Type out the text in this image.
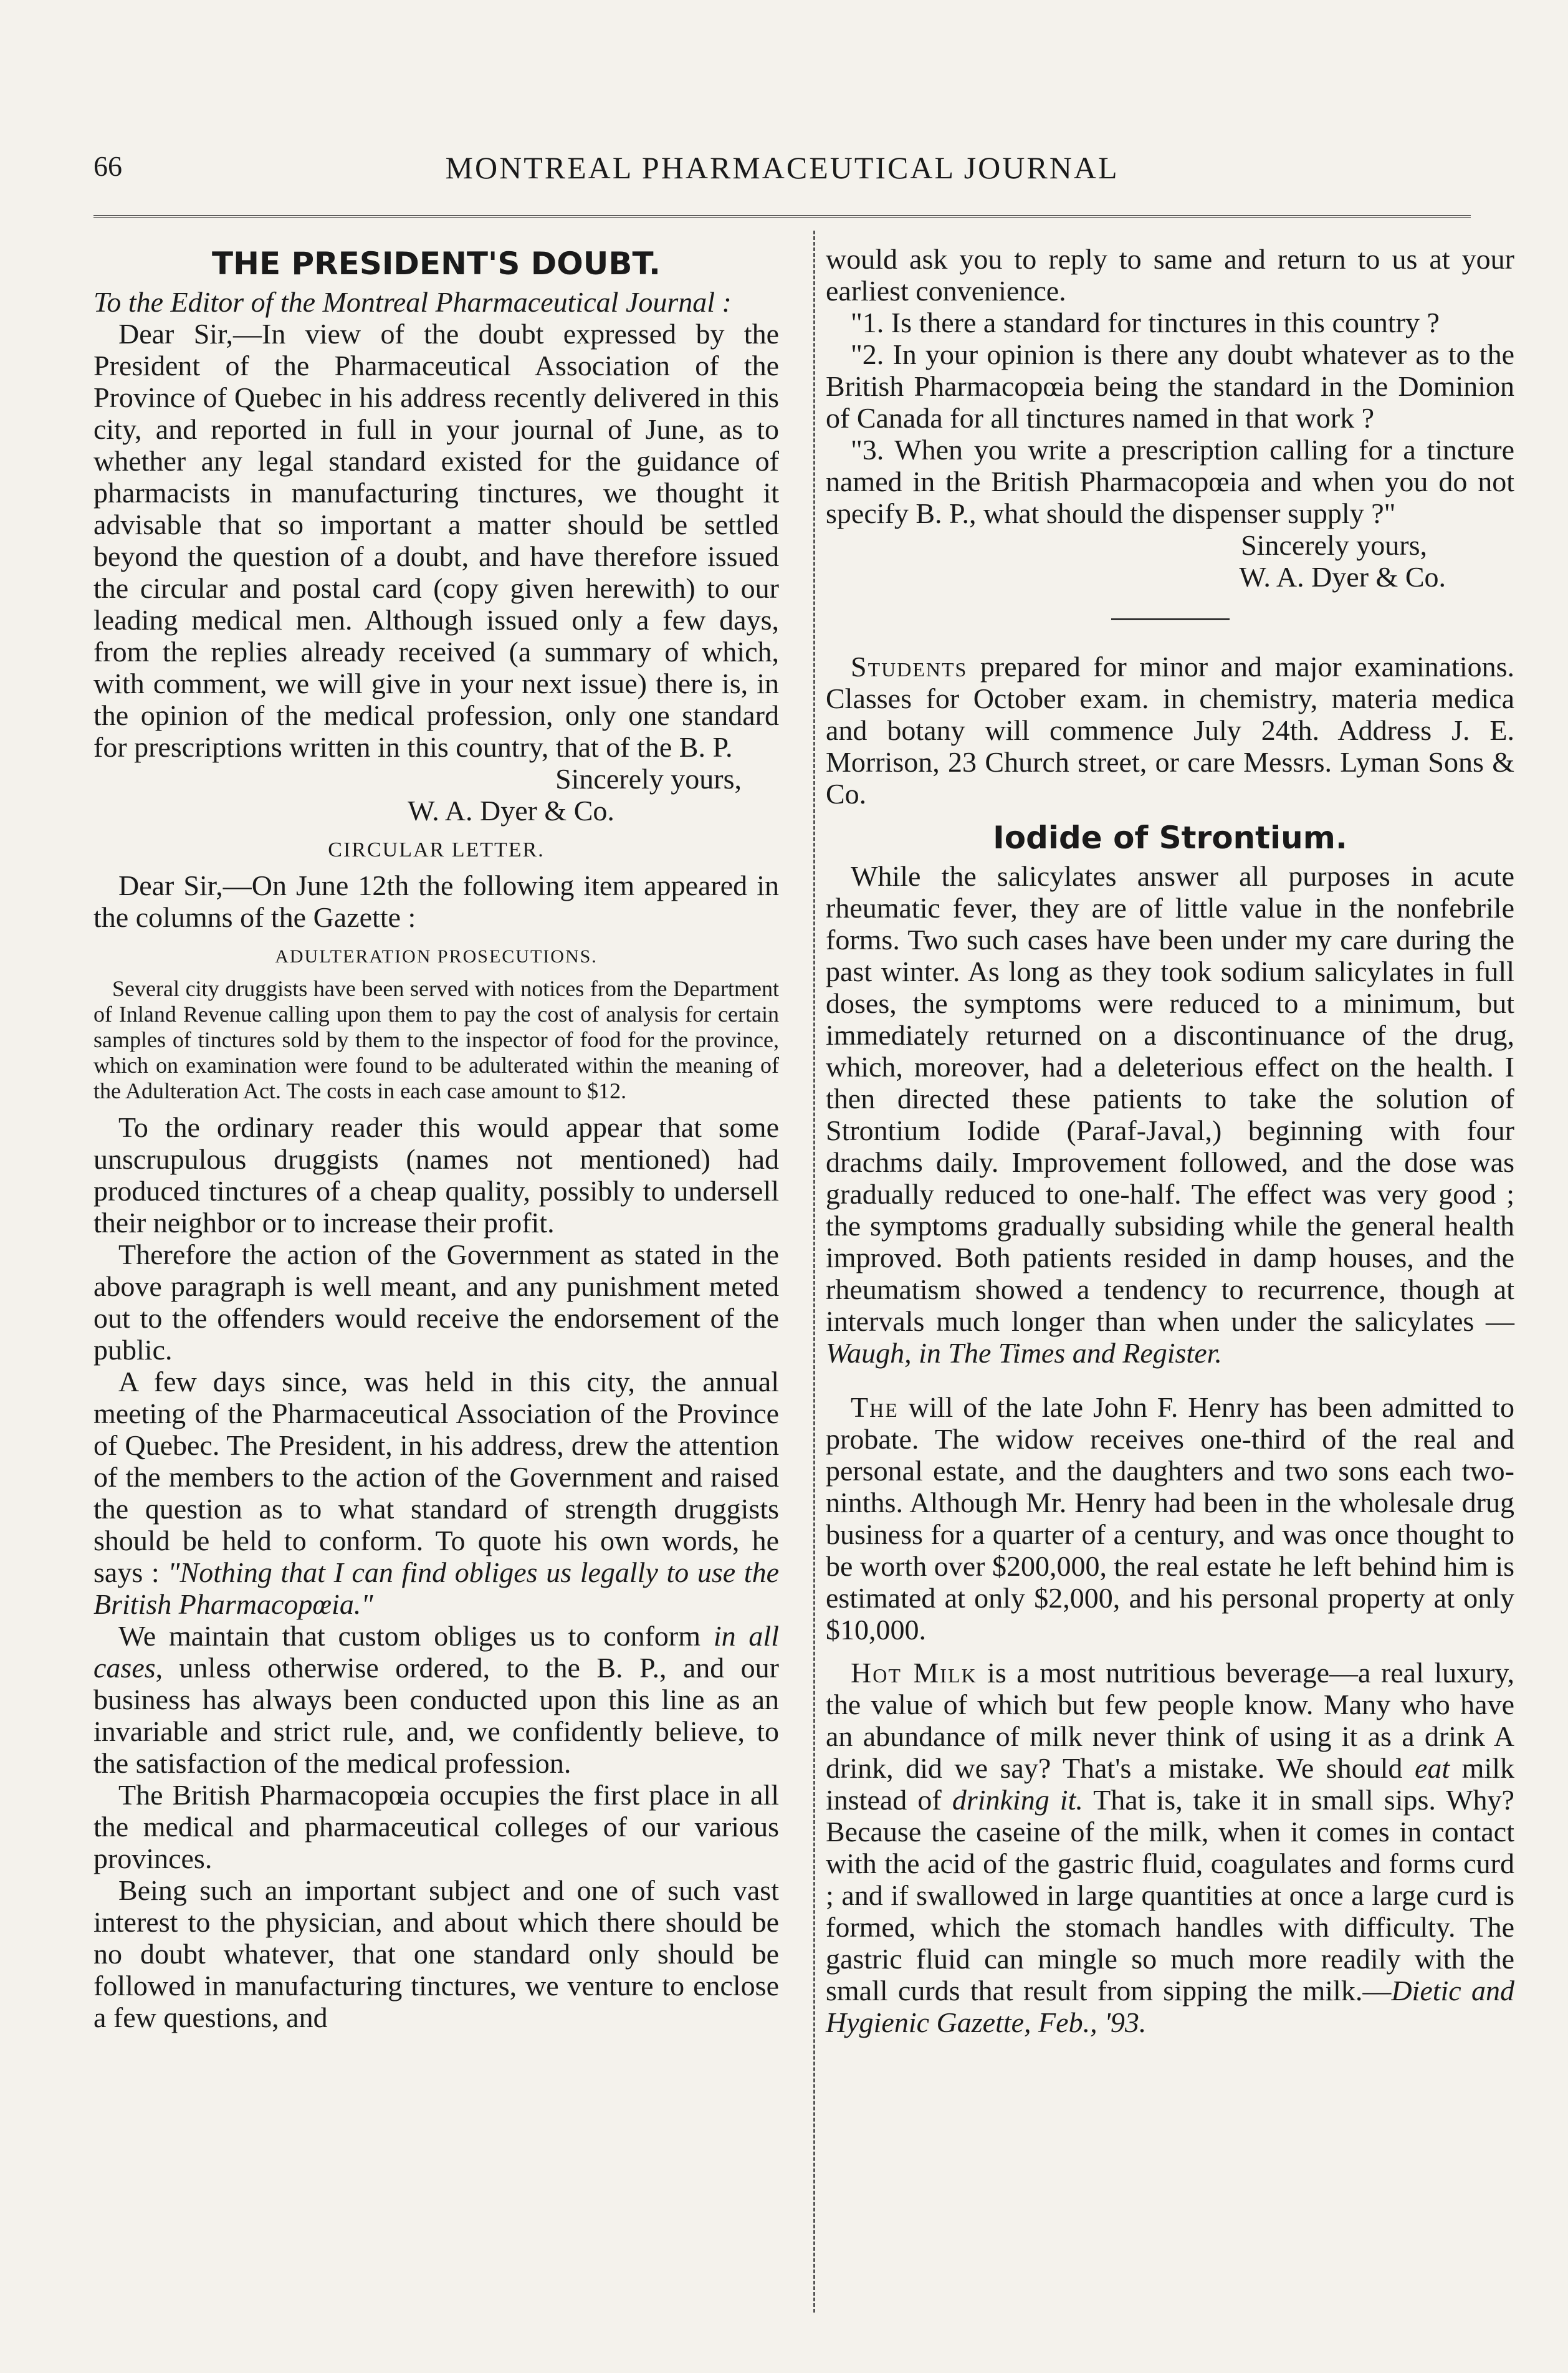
66	MONTREAL PHARMACEUTICAL JOURNAL
THE PRESIDENT'S DOUBT.

To the Editor of the Montreal Pharmaceutical Journal :

Dear Sir,—In view of the doubt expressed by the President of the Pharmaceutical Association of the Province of Quebec in his address recently delivered in this city, and reported in full in your journal of June, as to whether any legal standard existed for the guidance of pharmacists in manufacturing tinctures, we thought it advisable that so important a matter should be settled beyond the question of a doubt, and have therefore issued the circular and postal card (copy given herewith) to our leading medical men. Although issued only a few days, from the replies already received (a summary of which, with comment, we will give in your next issue) there is, in the opinion of the medical profession, only one standard for prescriptions written in this country, that of the B. P.

Sincerely yours,
W. A. Dyer & Co.
CIRCULAR LETTER.

Dear Sir,—On June 12th the following item appeared in the columns of the Gazette :

ADULTERATION PROSECUTIONS.

Several city druggists have been served with notices from the Department of Inland Revenue calling upon them to pay the cost of analysis for certain samples of tinctures sold by them to the inspector of food for the province, which on examination were found to be adulterated within the meaning of the Adulteration Act. The costs in each case amount to $12.

To the ordinary reader this would appear that some unscrupulous druggists (names not mentioned) had produced tinctures of a cheap quality, possibly to undersell their neighbor or to increase their profit.

Therefore the action of the Government as stated in the above paragraph is well meant, and any punishment meted out to the offenders would receive the endorsement of the public.

A few days since, was held in this city, the annual meeting of the Pharmaceutical Association of the Province of Quebec. The President, in his address, drew the attention of the members to the action of the Government and raised the question as to what standard of strength druggists should be held to conform. To quote his own words, he says : "Nothing that I can find obliges us legally to use the British Pharmacopœia."

We maintain that custom obliges us to conform in all cases, unless otherwise ordered, to the B. P., and our business has always been conducted upon this line as an invariable and strict rule, and, we confidently believe, to the satisfaction of the medical profession.

The British Pharmacopœia occupies the first place in all the medical and pharmaceutical colleges of our various provinces.

Being such an important subject and one of such vast interest to the physician, and about which there should be no doubt whatever, that one standard only should be followed in manufacturing tinctures, we venture to enclose a few questions, and

would ask you to reply to same and return to us at your earliest convenience.

"1. Is there a standard for tinctures in this country ?

"2. In your opinion is there any doubt whatever as to the British Pharmacopœia being the standard in the Dominion of Canada for all tinctures named in that work ?

"3. When you write a prescription calling for a tincture named in the British Pharmacopœia and when you do not specify B. P., what should the dispenser supply ?"

Sincerely yours,
W. A. Dyer & Co.

Students prepared for minor and major examinations. Classes for October exam. in chemistry, materia medica and botany will commence July 24th. Address J. E. Morrison, 23 Church street, or care Messrs. Lyman Sons & Co.

Iodide of Strontium.

While the salicylates answer all purposes in acute rheumatic fever, they are of little value in the nonfebrile forms. Two such cases have been under my care during the past winter. As long as they took sodium salicylates in full doses, the symptoms were reduced to a minimum, but immediately returned on a discontinuance of the drug, which, moreover, had a deleterious effect on the health. I then directed these patients to take the solution of Strontium Iodide (Paraf-Javal,) beginning with four drachms daily. Improvement followed, and the dose was gradually reduced to one-half. The effect was very good ; the symptoms gradually subsiding while the general health improved. Both patients resided in damp houses, and the rheumatism showed a tendency to recurrence, though at intervals much longer than when under the salicylates — Waugh, in The Times and Register.

The will of the late John F. Henry has been admitted to probate. The widow receives one-third of the real and personal estate, and the daughters and two sons each two-ninths. Although Mr. Henry had been in the wholesale drug business for a quarter of a century, and was once thought to be worth over $200,000, the real estate he left behind him is estimated at only $2,000, and his personal property at only $10,000.

Hot Milk is a most nutritious beverage—a real luxury, the value of which but few people know. Many who have an abundance of milk never think of using it as a drink A drink, did we say? That's a mistake. We should eat milk instead of drinking it. That is, take it in small sips. Why? Because the caseine of the milk, when it comes in contact with the acid of the gastric fluid, coagulates and forms curd ; and if swallowed in large quantities at once a large curd is formed, which the stomach handles with difficulty. The gastric fluid can mingle so much more readily with the small curds that result from sipping the milk.—Dietic and Hygienic Gazette, Feb., '93.
